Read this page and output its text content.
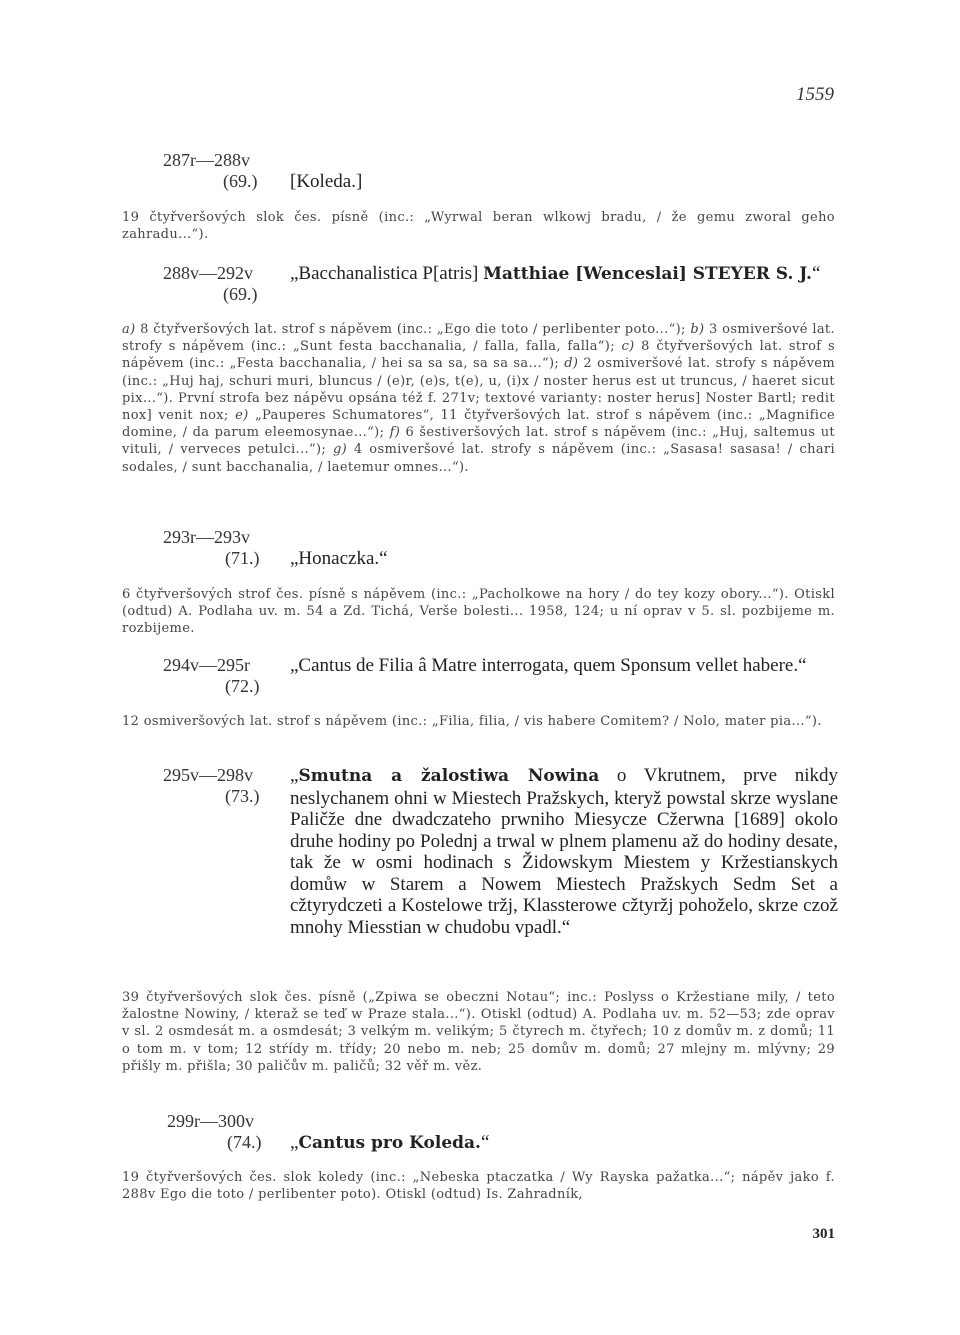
1559
287r—288v
(69.) [Koleda.]
19 čtyřveršových slok čes. písně (inc.: „Wyrwal beran wlkowj bradu, / že gemu zworal geho zahradu...“).
288v—292v
(69.)
„Bacchanalistica P[atris] Matthiae [Wenceslai] STEYER S. J.“
a) 8 čtyřveršových lat. strof s nápěvem (inc.: „Ego die toto / perlibenter poto...“); b) 3 osmiveršové lat. strofy s nápěvem (inc.: „Sunt festa bacchanalia, / falla, falla, falla“); c) 8 čtyřveršových lat. strof s nápěvem (inc.: „Festa bacchanalia, / hei sa sa sa, sa sa sa...“); d) 2 osmiveršové lat. strofy s nápěvem (inc.: „Huj haj, schuri muri, bluncus / (e)r, (e)s, t(e), u, (i)x / noster herus est ut truncus, / haeret sicut pix...“). První strofa bez nápěvu opsána též f. 271v; textové varianty: noster herus] Noster Bartl; redit nox] venit nox; e) „Pauperes Schumatores“, 11 čtyřveršových lat. strof s nápěvem (inc.: „Magnifice domine, / da parum eleemosynae...“); f) 6 šestiveršových lat. strof s nápěvem (inc.: „Huj, saltemus ut vituli, / verveces petulci...“); g) 4 osmiveršové lat. strofy s nápěvem (inc.: „Sasasa! sasasa! / chari sodales, / sunt bacchanalia, / laetemur omnes...“).
293r—293v
(71.) „Honaczka.“
6 čtyřveršových strof čes. písně s nápěvem (inc.: „Pacholkowe na hory / do tey kozy obory...“). Otiskl (odtud) A. Podlaha uv. m. 54 a Zd. Tichá, Verše bolesti... 1958, 124; u ní oprav v 5. sl. pozbijeme m. rozbijeme.
294v—295r
(72.)
„Cantus de Filia â Matre interrogata, quem Sponsum vellet habere.“
12 osmiveršových lat. strof s nápěvem (inc.: „Filia, filia, / vis habere Comitem? / Nolo, mater pia...“).
295v—298v
(73.)
„Smutna a žalostiwa Nowina o Vkrutnem, prve nikdy neslychanem ohni w Miestech Pražskych, kteryž powstal skrze wyslane Paličže dne dwadczateho prwniho Miesycze Cžerwna [1689] okolo druhe hodiny po Polednj a trwal w plnem plamenu až do hodiny desate, tak že w osmi hodinach s Židowskym Miestem y Kržestianskych domůw w Starem a Nowem Miestech Pražskych Sedm Set a cžtyrydczeti a Kostelowe tržj, Klassterowe cžtyržj pohoželo, skrze czož mnohy Miesstian w chudobu vpadl.“
39 čtyřveršových slok čes. písně („Zpiwa se obeczni Notau“; inc.: Poslyss o Kržestiane mily, / teto žalostne Nowiny, / kteraž se teď w Praze stala...“). Otiskl (odtud) A. Podlaha uv. m. 52—53; zde oprav v sl. 2 osmdesát m. a osmdesát; 3 velkým m. velikým; 5 čtyrech m. čtyřech; 10 z domův m. z domů; 11 o tom m. v tom; 12 stŕídy m. třídy; 20 nebo m. neb; 25 domův m. domů; 27 mlejny m. mlývny; 29 přišly m. přišla; 30 paličův m. paličů; 32 věř m. věz.
299r—300v
(74.) „Cantus pro Koleda.“
19 čtyřveršových čes. slok koledy (inc.: „Nebeska ptaczatka / Wy Rayska pažatka...“; nápěv jako f. 288v Ego die toto / perlibenter poto). Otiskl (odtud) Is. Zahradník,
301
